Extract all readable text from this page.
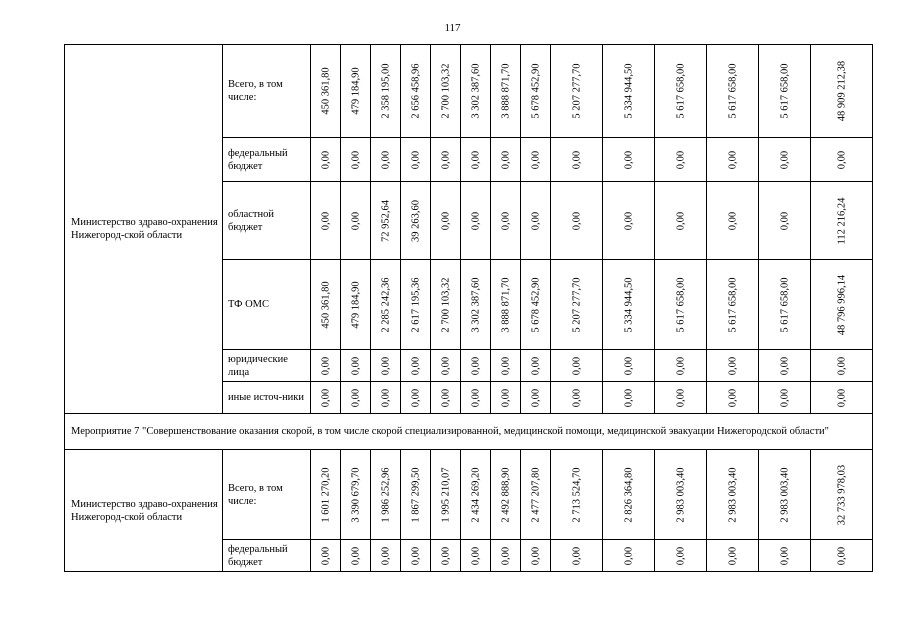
117
Министерство здраво-охранения Нижегород-ской области	Всего, в том числе:	450 361,80	479 184,90	2 358 195,00	2 656 458,96	2 700 103,32	3 302 387,60	3 888 871,70	5 678 452,90	5 207 277,70	5 334 944,50	5 617 658,00	5 617 658,00	5 617 658,00	48 909 212,38

	федеральный бюджет	0,00	0,00	0,00	0,00	0,00	0,00	0,00	0,00	0,00	0,00	0,00	0,00	0,00	0,00

	областной бюджет	0,00	0,00	72 952,64	39 263,60	0,00	0,00	0,00	0,00	0,00	0,00	0,00	0,00	0,00	112 216,24

	ТФ ОМС	450 361,80	479 184,90	2 285 242,36	2 617 195,36	2 700 103,32	3 302 387,60	3 888 871,70	5 678 452,90	5 207 277,70	5 334 944,50	5 617 658,00	5 617 658,00	5 617 658,00	48 796 996,14

	юридические лица	0,00	0,00	0,00	0,00	0,00	0,00	0,00	0,00	0,00	0,00	0,00	0,00	0,00	0,00

	иные источ-ники	0,00	0,00	0,00	0,00	0,00	0,00	0,00	0,00	0,00	0,00	0,00	0,00	0,00	0,00

Мероприятие 7 "Совершенствование оказания скорой, в том числе скорой специализированной, медицинской помощи, медицинской эвакуации Нижегородской области"															
Министерство здраво-охранения Нижегород-ской области	Всего, в том числе:	1 601 270,20	3 390 679,70	1 986 252,96	1 867 299,50	1 995 210,07	2 434 269,20	2 492 888,90	2 477 207,80	2 713 524,70	2 826 364,80	2 983 003,40	2 983 003,40	2 983 003,40	32 733 978,03

	федеральный бюджет	0,00	0,00	0,00	0,00	0,00	0,00	0,00	0,00	0,00	0,00	0,00	0,00	0,00	0,00
